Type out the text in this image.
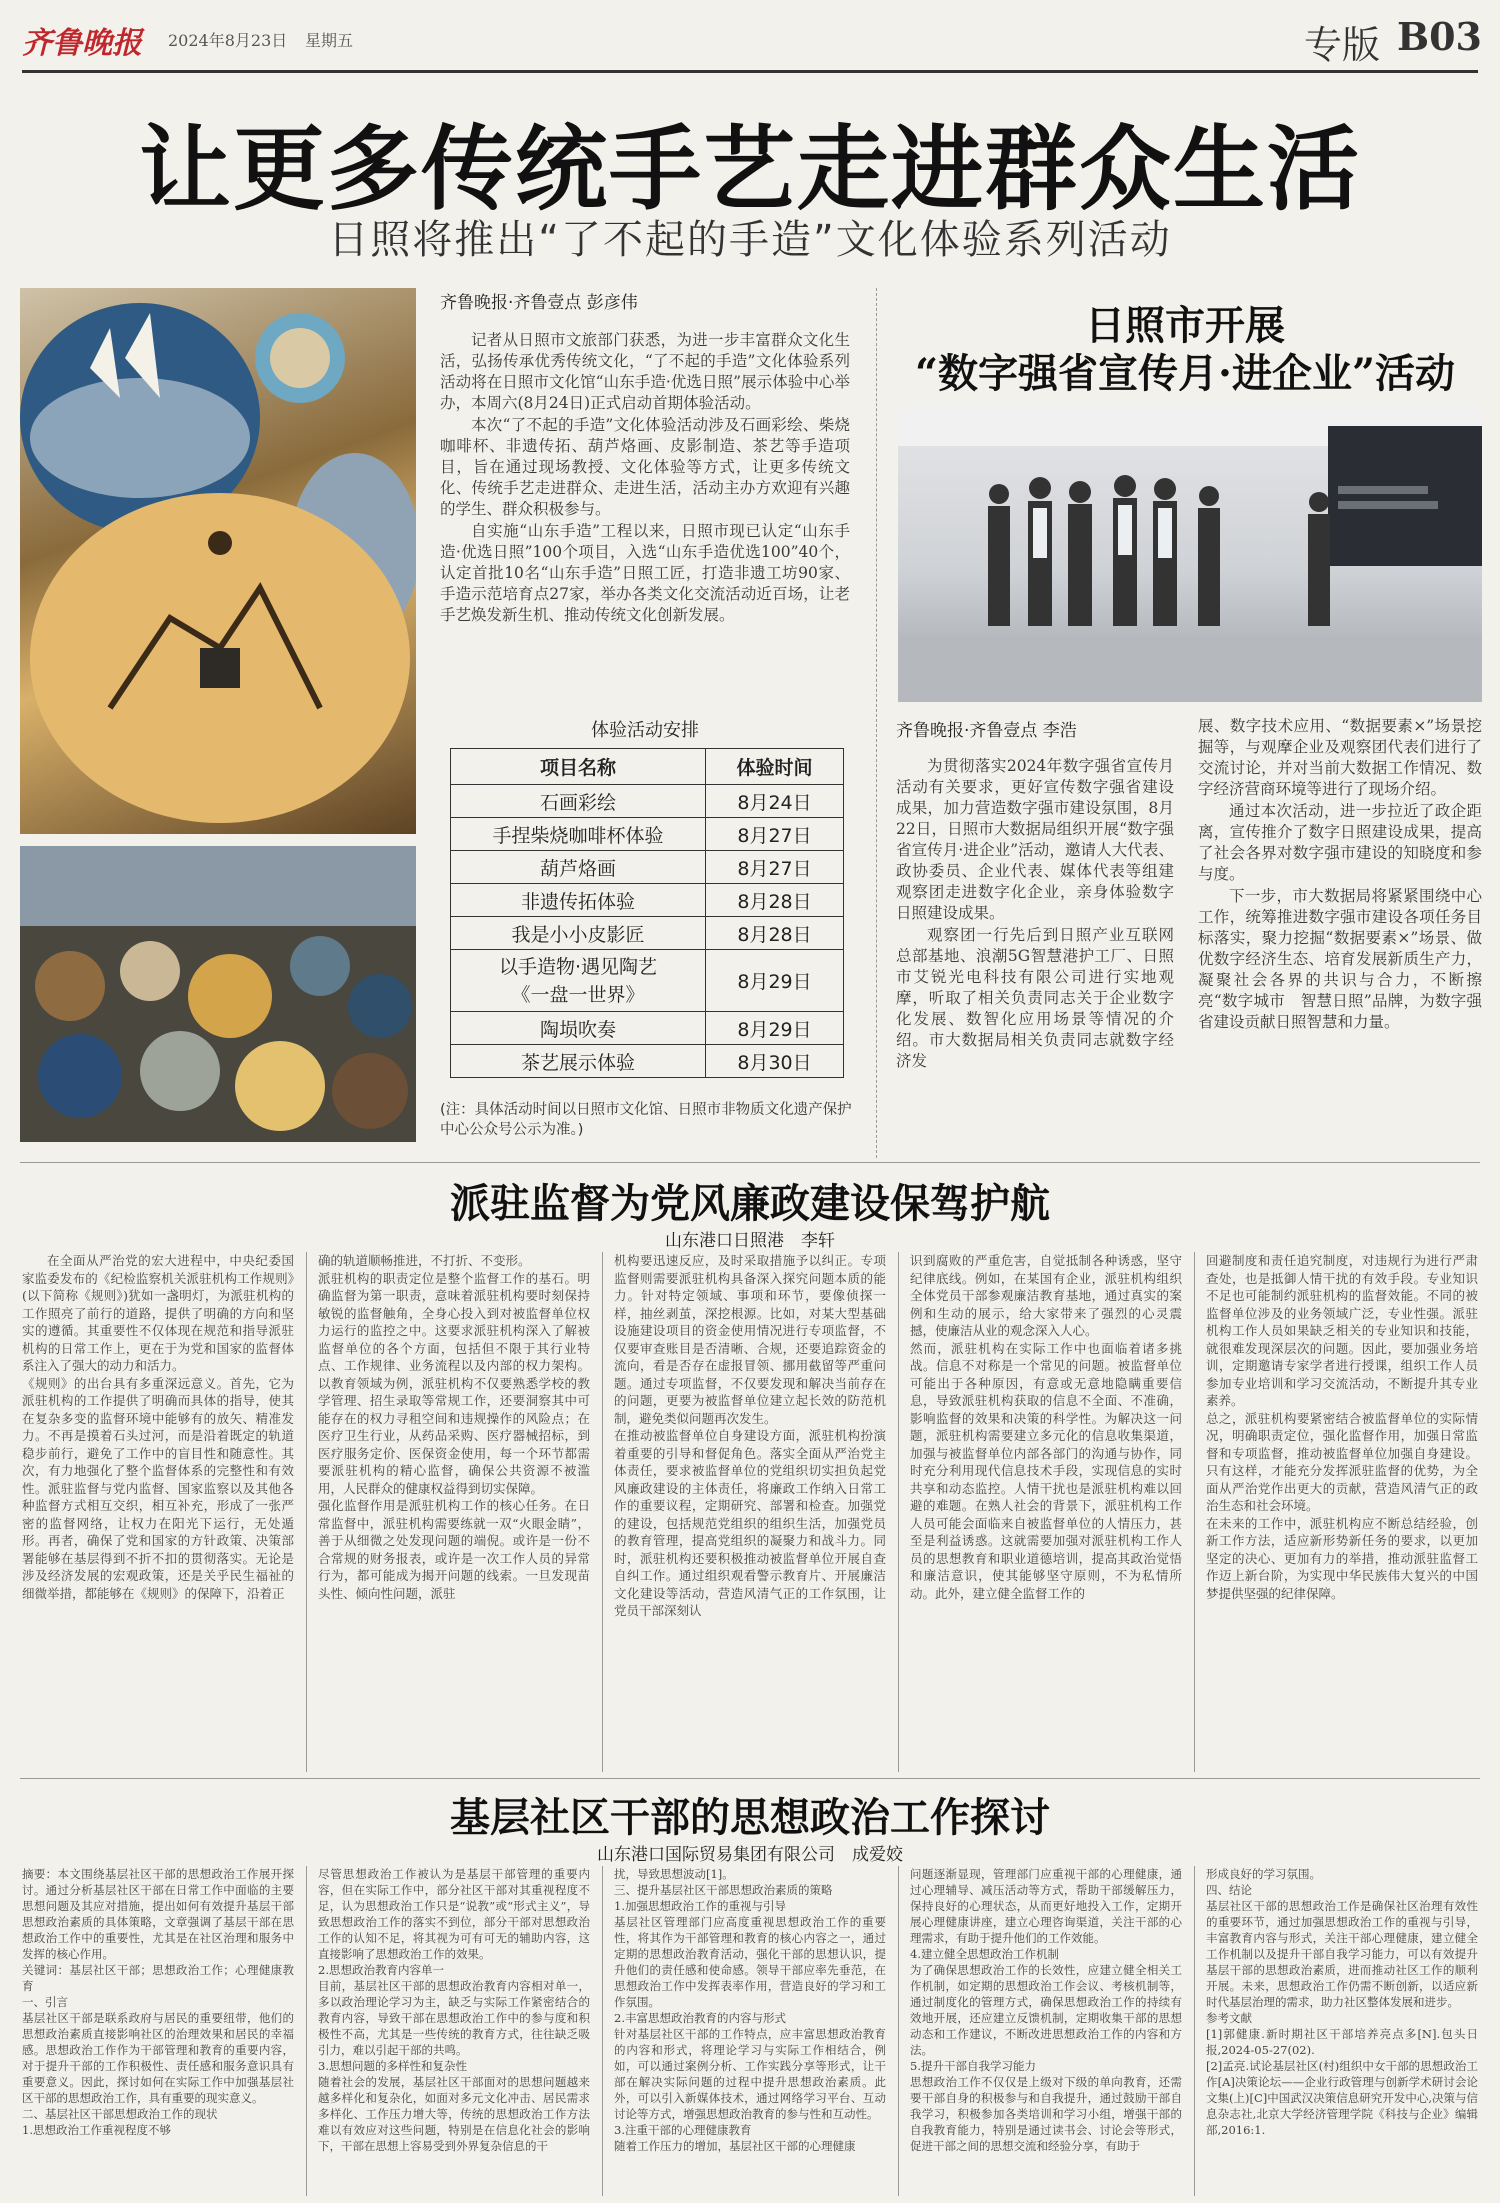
齐鲁晚报 2024年8月23日 星期五	专版 B03
让更多传统手艺走进群众生活
日照将推出“了不起的手造”文化体验系列活动
齐鲁晚报·齐鲁壹点 彭彦伟

记者从日照市文旅部门获悉，为进一步丰富群众文化生活，弘扬传承优秀传统文化，“了不起的手造”文化体验系列活动将在日照市文化馆“山东手造·优选日照”展示体验中心举办，本周六(8月24日)正式启动首期体验活动。

本次“了不起的手造”文化体验活动涉及石画彩绘、柴烧咖啡杯、非遗传拓、葫芦烙画、皮影制造、茶艺等手造项目，旨在通过现场教授、文化体验等方式，让更多传统文化、传统手艺走进群众、走进生活，活动主办方欢迎有兴趣的学生、群众积极参与。

自实施“山东手造”工程以来，日照市现已认定“山东手造·优选日照”100个项目，入选“山东手造优选100”40个，认定首批10名“山东手造”日照工匠，打造非遗工坊90家、手造示范培育点27家，举办各类文化交流活动近百场，让老手艺焕发新生机、推动传统文化创新发展。

体验活动安排
项目名称	体验时间
石画彩绘	8月24日
手捏柴烧咖啡杯体验	8月27日
葫芦烙画	8月27日
非遗传拓体验	8月28日
我是小小皮影匠	8月28日
以手造物·遇见陶艺
《一盘一世界》	8月29日
陶埙吹奏	8月29日
茶艺展示体验	8月30日
(注：具体活动时间以日照市文化馆、日照市非物质文化遗产保护中心公众号公示为准。)
日照市开展
“数字强省宣传月·进企业”活动
齐鲁晚报·齐鲁壹点 李浩

为贯彻落实2024年数字强省宣传月活动有关要求，更好宣传数字强省建设成果，加力营造数字强市建设氛围，8月22日，日照市大数据局组织开展“数字强省宣传月·进企业”活动，邀请人大代表、政协委员、企业代表、媒体代表等组建观察团走进数字化企业，亲身体验数字日照建设成果。

观察团一行先后到日照产业互联网总部基地、浪潮5G智慧港护工厂、日照市艾锐光电科技有限公司进行实地观摩，听取了相关负责同志关于企业数字化发展、数智化应用场景等情况的介绍。市大数据局相关负责同志就数字经济发

展、数字技术应用、“数据要素×”场景挖掘等，与观摩企业及观察团代表们进行了交流讨论，并对当前大数据工作情况、数字经济营商环境等进行了现场介绍。

通过本次活动，进一步拉近了政企距离，宣传推介了数字日照建设成果，提高了社会各界对数字强市建设的知晓度和参与度。

下一步，市大数据局将紧紧围绕中心工作，统筹推进数字强市建设各项任务目标落实，聚力挖掘“数据要素×”场景、做优数字经济生态、培育发展新质生产力，凝聚社会各界的共识与合力，不断擦亮“数字城市　智慧日照”品牌，为数字强省建设贡献日照智慧和力量。

派驻监督为党风廉政建设保驾护航
山东港口日照港　李轩
在全面从严治党的宏大进程中，中央纪委国家监委发布的《纪检监察机关派驻机构工作规则》(以下简称《规则》)犹如一盏明灯，为派驻机构的工作照亮了前行的道路，提供了明确的方向和坚实的遵循。其重要性不仅体现在规范和指导派驻机构的日常工作上，更在于为党和国家的监督体系注入了强大的动力和活力。
《规则》的出台具有多重深远意义。首先，它为派驻机构的工作提供了明确而具体的指导，使其在复杂多变的监督环境中能够有的放矢、精准发力。不再是摸着石头过河，而是沿着既定的轨道稳步前行，避免了工作中的盲目性和随意性。其次，有力地强化了整个监督体系的完整性和有效性。派驻监督与党内监督、国家监察以及其他各种监督方式相互交织，相互补充，形成了一张严密的监督网络，让权力在阳光下运行，无处遁形。再者，确保了党和国家的方针政策、决策部署能够在基层得到不折不扣的贯彻落实。无论是涉及经济发展的宏观政策，还是关乎民生福祉的细微举措，都能够在《规则》的保障下，沿着正
确的轨道顺畅推进，不打折、不变形。
派驻机构的职责定位是整个监督工作的基石。明确监督为第一职责，意味着派驻机构要时刻保持敏锐的监督触角，全身心投入到对被监督单位权力运行的监控之中。这要求派驻机构深入了解被监督单位的各个方面，包括但不限于其行业特点、工作规律、业务流程以及内部的权力架构。以教育领域为例，派驻机构不仅要熟悉学校的教学管理、招生录取等常规工作，还要洞察其中可能存在的权力寻租空间和违规操作的风险点；在医疗卫生行业，从药品采购、医疗器械招标，到医疗服务定价、医保资金使用，每一个环节都需要派驻机构的精心监督，确保公共资源不被滥用，人民群众的健康权益得到切实保障。
强化监督作用是派驻机构工作的核心任务。在日常监督中，派驻机构需要练就一双“火眼金睛”，善于从细微之处发现问题的端倪。或许是一份不合常规的财务报表，或许是一次工作人员的异常行为，都可能成为揭开问题的线索。一旦发现苗头性、倾向性问题，派驻
机构要迅速反应，及时采取措施予以纠正。专项监督则需要派驻机构具备深入探究问题本质的能力。针对特定领域、事项和环节，要像侦探一样，抽丝剥茧，深挖根源。比如，对某大型基础设施建设项目的资金使用情况进行专项监督，不仅要审查账目是否清晰、合规，还要追踪资金的流向，看是否存在虚报冒领、挪用截留等严重问题。通过专项监督，不仅要发现和解决当前存在的问题，更要为被监督单位建立起长效的防范机制，避免类似问题再次发生。
在推动被监督单位自身建设方面，派驻机构扮演着重要的引导和督促角色。落实全面从严治党主体责任，要求被监督单位的党组织切实担负起党风廉政建设的主体责任，将廉政工作纳入日常工作的重要议程，定期研究、部署和检查。加强党的建设，包括规范党组织的组织生活，加强党员的教育管理，提高党组织的凝聚力和战斗力。同时，派驻机构还要积极推动被监督单位开展自查自纠工作。通过组织观看警示教育片、开展廉洁文化建设等活动，营造风清气正的工作氛围，让党员干部深刻认
识到腐败的严重危害，自觉抵制各种诱惑，坚守纪律底线。例如，在某国有企业，派驻机构组织全体党员干部参观廉洁教育基地，通过真实的案例和生动的展示，给大家带来了强烈的心灵震撼，使廉洁从业的观念深入人心。
然而，派驻机构在实际工作中也面临着诸多挑战。信息不对称是一个常见的问题。被监督单位可能出于各种原因，有意或无意地隐瞒重要信息，导致派驻机构获取的信息不全面、不准确，影响监督的效果和决策的科学性。为解决这一问题，派驻机构需要建立多元化的信息收集渠道，加强与被监督单位内部各部门的沟通与协作，同时充分利用现代信息技术手段，实现信息的实时共享和动态监控。人情干扰也是派驻机构难以回避的难题。在熟人社会的背景下，派驻机构工作人员可能会面临来自被监督单位的人情压力，甚至是利益诱惑。这就需要加强对派驻机构工作人员的思想教育和职业道德培训，提高其政治觉悟和廉洁意识，使其能够坚守原则，不为私情所动。此外，建立健全监督工作的
回避制度和责任追究制度，对违规行为进行严肃查处，也是抵御人情干扰的有效手段。专业知识不足也可能制约派驻机构的监督效能。不同的被监督单位涉及的业务领域广泛，专业性强。派驻机构工作人员如果缺乏相关的专业知识和技能，就很难发现深层次的问题。因此，要加强业务培训，定期邀请专家学者进行授课，组织工作人员参加专业培训和学习交流活动，不断提升其专业素养。
总之，派驻机构要紧密结合被监督单位的实际情况，明确职责定位，强化监督作用，加强日常监督和专项监督，推动被监督单位加强自身建设。只有这样，才能充分发挥派驻监督的优势，为全面从严治党作出更大的贡献，营造风清气正的政治生态和社会环境。
在未来的工作中，派驻机构应不断总结经验，创新工作方法，适应新形势新任务的要求，以更加坚定的决心、更加有力的举措，推动派驻监督工作迈上新台阶，为实现中华民族伟大复兴的中国梦提供坚强的纪律保障。
基层社区干部的思想政治工作探讨
山东港口国际贸易集团有限公司　成爱姣
摘要：本文围绕基层社区干部的思想政治工作展开探讨。通过分析基层社区干部在日常工作中面临的主要思想问题及其应对措施，提出如何有效提升基层干部思想政治素质的具体策略，文章强调了基层干部在思想政治工作中的重要性，尤其是在社区治理和服务中发挥的核心作用。
关键词：基层社区干部；思想政治工作；心理健康教育
一、引言
基层社区干部是联系政府与居民的重要纽带，他们的思想政治素质直接影响社区的治理效果和居民的幸福感。思想政治工作作为干部管理和教育的重要内容，对于提升干部的工作积极性、责任感和服务意识具有重要意义。因此，探讨如何在实际工作中加强基层社区干部的思想政治工作，具有重要的现实意义。
二、基层社区干部思想政治工作的现状
1.思想政治工作重视程度不够
尽管思想政治工作被认为是基层干部管理的重要内容，但在实际工作中，部分社区干部对其重视程度不足，认为思想政治工作只是“说教”或“形式主义”，导致思想政治工作的落实不到位，部分干部对思想政治工作的认知不足，将其视为可有可无的辅助内容，这直接影响了思想政治工作的效果。
2.思想政治教育内容单一
目前，基层社区干部的思想政治教育内容相对单一，多以政治理论学习为主，缺乏与实际工作紧密结合的教育内容，导致干部在思想政治工作中的参与度和积极性不高，尤其是一些传统的教育方式，往往缺乏吸引力，难以引起干部的共鸣。
3.思想问题的多样性和复杂性
随着社会的发展，基层社区干部面对的思想问题越来越多样化和复杂化，如面对多元文化冲击、居民需求多样化、工作压力增大等，传统的思想政治工作方法难以有效应对这些问题，特别是在信息化社会的影响下，干部在思想上容易受到外界复杂信息的干
扰，导致思想波动[1]。
三、提升基层社区干部思想政治素质的策略
1.加强思想政治工作的重视与引导
基层社区管理部门应高度重视思想政治工作的重要性，将其作为干部管理和教育的核心内容之一，通过定期的思想政治教育活动，强化干部的思想认识，提升他们的责任感和使命感。领导干部应率先垂范，在思想政治工作中发挥表率作用，营造良好的学习和工作氛围。
2.丰富思想政治教育的内容与形式
针对基层社区干部的工作特点，应丰富思想政治教育的内容和形式，将理论学习与实际工作相结合，例如，可以通过案例分析、工作实践分享等形式，让干部在解决实际问题的过程中提升思想政治素质。此外，可以引入新媒体技术，通过网络学习平台、互动讨论等方式，增强思想政治教育的参与性和互动性。
3.注重干部的心理健康教育
随着工作压力的增加，基层社区干部的心理健康
问题逐渐显现，管理部门应重视干部的心理健康，通过心理辅导、减压活动等方式，帮助干部缓解压力，保持良好的心理状态，从而更好地投入工作，定期开展心理健康讲座，建立心理咨询渠道，关注干部的心理需求，有助于提升他们的工作效能。
4.建立健全思想政治工作机制
为了确保思想政治工作的长效性，应建立健全相关工作机制，如定期的思想政治工作会议、考核机制等，通过制度化的管理方式，确保思想政治工作的持续有效地开展，还应建立反馈机制，定期收集干部的思想动态和工作建议，不断改进思想政治工作的内容和方法。
5.提升干部自我学习能力
思想政治工作不仅仅是上级对下级的单向教育，还需要干部自身的积极参与和自我提升，通过鼓励干部自我学习，积极参加各类培训和学习小组，增强干部的自我教育能力，特别是通过读书会、讨论会等形式，促进干部之间的思想交流和经验分享，有助于
形成良好的学习氛围。
四、结论
基层社区干部的思想政治工作是确保社区治理有效性的重要环节，通过加强思想政治工作的重视与引导，丰富教育内容与形式，关注干部心理健康，建立健全工作机制以及提升干部自我学习能力，可以有效提升基层干部的思想政治素质，进而推动社区工作的顺利开展。未来，思想政治工作仍需不断创新，以适应新时代基层治理的需求，助力社区整体发展和进步。
参考文献
[1]郭健康.新时期社区干部培养亮点多[N].包头日报,2024-05-27(02).
[2]孟亮.试论基层社区(村)组织中女干部的思想政治工作[A]决策论坛——企业行政管理与创新学术研讨会论文集(上)[C]中国武汉决策信息研究开发中心,决策与信息杂志社,北京大学经济管理学院《科技与企业》编辑部,2016:1.
